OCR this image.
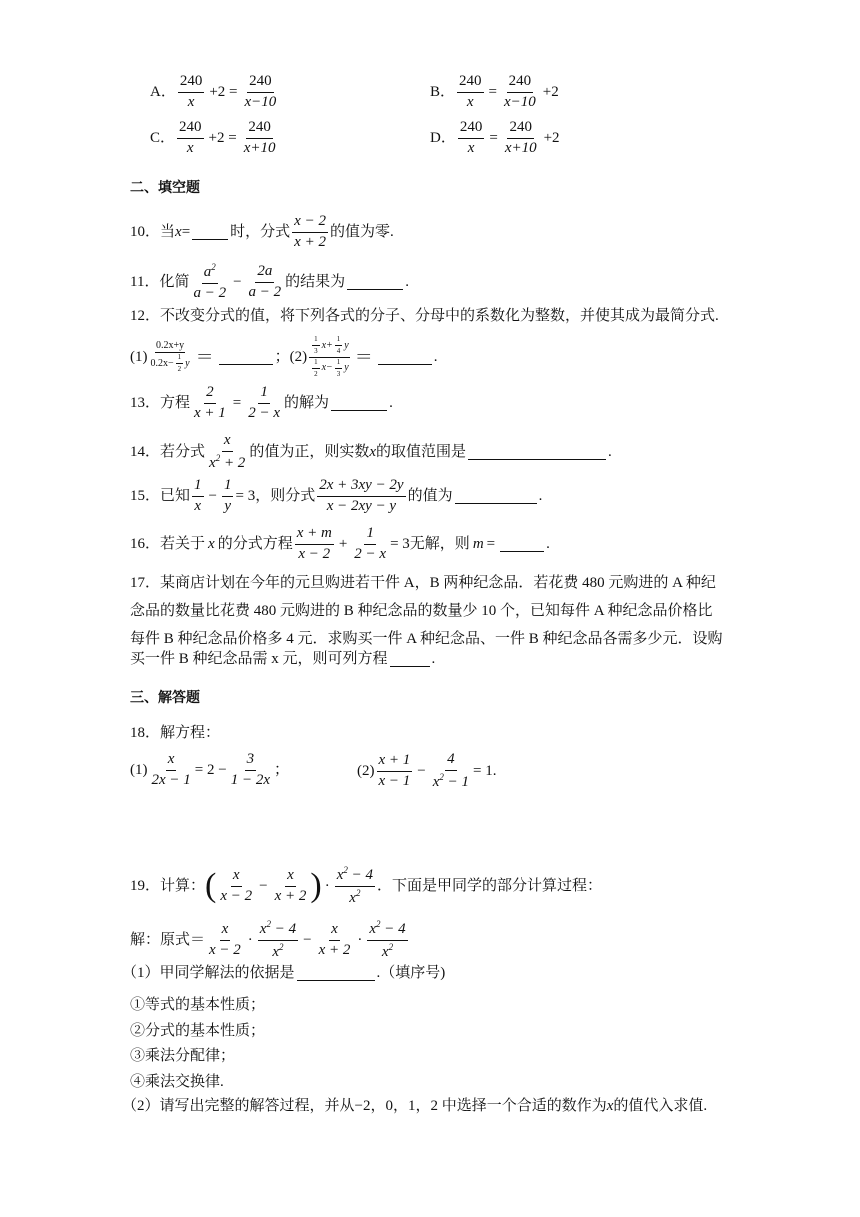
A． $\frac{240}{x} +2 = \frac{240}{x-10}$	B． $\frac{240}{x} = \frac{240}{x-10} +2$
C． $\frac{240}{x} +2 = \frac{240}{x+10}$	D． $\frac{240}{x} = \frac{240}{x+10} +2$
二、填空题
10．当 x =	时，分式 $\frac{x - 2}{x + 2}$ 的值为零.
11．化简 $\frac{a^2}{a - 2} - \frac{2a}{a - 2}$ 的结果为	.
12．不改变分式的值，将下列各式的分子、分母中的系数化为整数，并使其成为最简分式.
$(1) \frac{0.2x+y}{0.2x- \frac{1}{2} y}$ ＝	； $(2) \frac{\frac{1}{3} x+ \frac{1}{4} y}{\frac{1}{2} x- \frac{1}{3} y}$ ＝	.
13．方程 $\frac{2}{x + 1} = \frac{1}{2 - x}$ 的解为	.
14．若分式 $\frac{x}{x^2 + 2}$ 的值为正，则实数 x 的取值范围是	.
15．已知 $\frac{1}{x} - \frac{1}{y} = 3$ ，则分式 $\frac{2x + 3xy - 2y}{x - 2xy - y}$ 的值为	.
16．若关于 x 的分式方程 $\frac{x + m}{x - 2} + \frac{1}{2 - x} = 3$ 无解，则 m =	.
17．某商店计划在今年的元旦购进若干件 A，B 两种纪念品．若花费 480 元购进的 A 种纪
念品的数量比花费 480 元购进的 B 种纪念品的数量少 10 个，已知每件 A 种纪念品价格比
每件 B 种纪念品价格多 4 元．求购买一件 A 种纪念品、一件 B 种纪念品各需多少元．设购
买一件 B 种纪念品需 x 元，则可列方程	.
三、解答题
18．解方程：
$(1) \frac{x}{2x - 1} = 2 - \frac{3}{1 - 2x}$ ；	$(2) \frac{x + 1}{x - 1} - \frac{4}{x^2 - 1} = 1$ .
19．计算： ( $\frac{x}{x - 2} - \frac{x}{x + 2}$ ) · $\frac{x^2 - 4}{x^2}$ ．下面是甲同学的部分计算过程：
解：原式＝ $\frac{x}{x - 2} \cdot \frac{x^2 - 4}{x^2} - \frac{x}{x + 2} \cdot \frac{x^2 - 4}{x^2}$
（1）甲同学解法的依据是	.（填序号)
①等式的基本性质；
②分式的基本性质；
③乘法分配律；
④乘法交换律.
（2）请写出完整的解答过程，并从−2，0，1，2 中选择一个合适的数作为 x 的值代入求值.
